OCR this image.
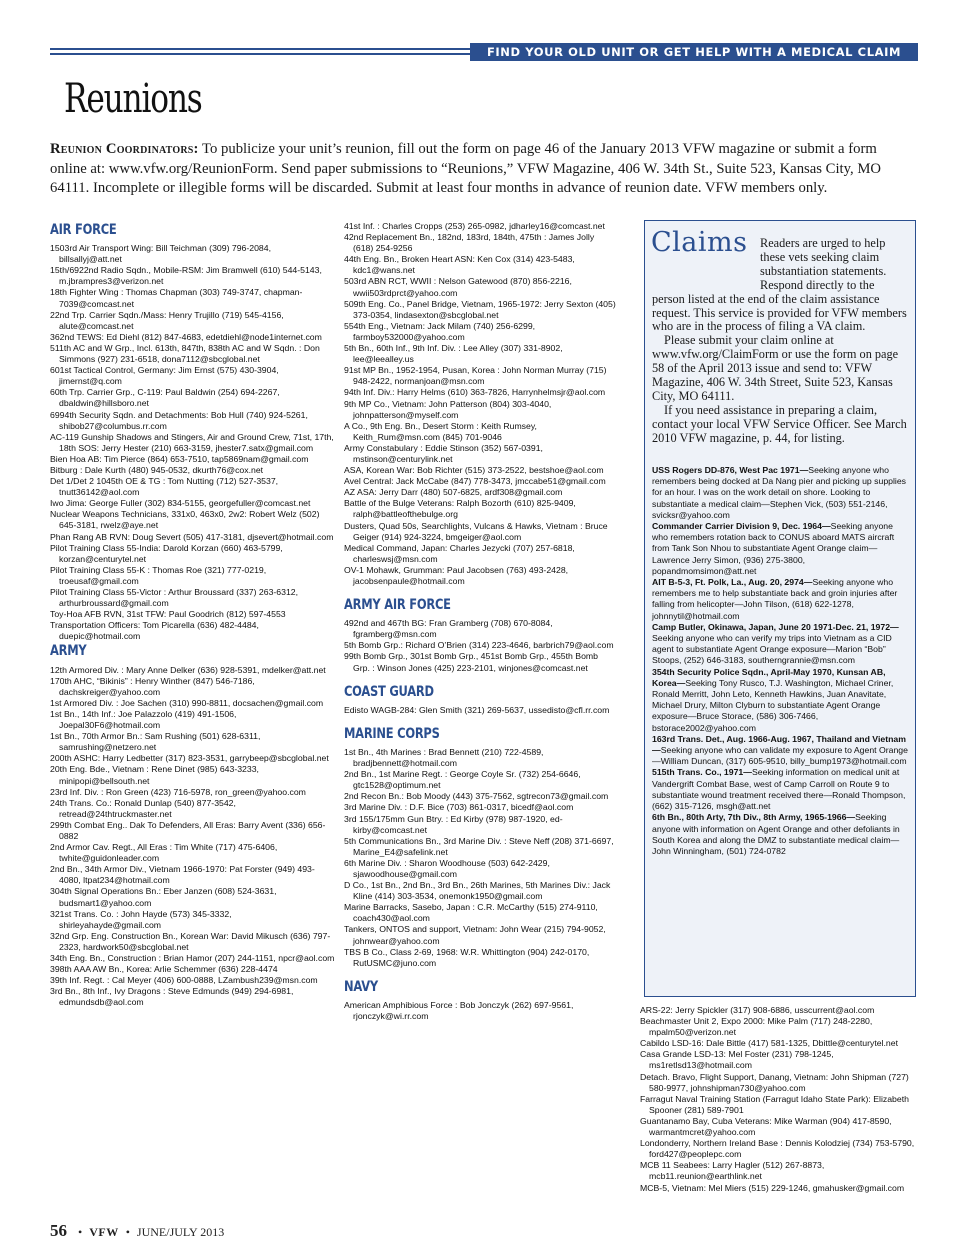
FIND YOUR OLD UNIT OR GET HELP WITH A MEDICAL CLAIM
Reunions

Reunion Coordinators: To publicize your unit’s reunion, fill out the form on page 46 of the January 2013 VFW magazine or submit a form online at: www.vfw.org/ReunionForm. Send paper submissions to “Reunions,” VFW Magazine, 406 W. 34th St., Suite 523, Kansas City, MO 64111. Incomplete or illegible forms will be discarded. Submit at least four months in advance of reunion date. VFW members only.

AIR FORCE

1503rd Air Transport Wing: Bill Teichman (309) 796-2084, billsallyj@att.net

15th/6922nd Radio Sqdn., Mobile-RSM: Jim Bramwell (610) 544-5143, m.jbrampres3@verizon.net

18th Fighter Wing : Thomas Chapman (303) 749-3747, chapman-7039@comcast.net

22nd Trp. Carrier Sqdn./Mass: Henry Trujillo (719) 545-4156, alute@comcast.net

362nd TEWS: Ed Diehl (812) 847-4683, edetdiehl@node1internet.com

511th AC and W Grp., Incl. 613th, 847th, 838th AC and W Sqdn. : Don Simmons (927) 231-6518, dona7112@sbcglobal.net

601st Tactical Control, Germany: Jim Ernst (575) 430-3904, jimernst@q.com

60th Trp. Carrier Grp., C-119: Paul Baldwin (254) 694-2267, dbaldwin@hillsboro.net

6994th Security Sqdn. and Detachments: Bob Hull (740) 924-5261, shibob27@columbus.rr.com

AC-119 Gunship Shadows and Stingers, Air and Ground Crew, 71st, 17th, 18th SOS: Jerry Hester (210) 663-3159, jhester7.satx@gmail.com

Bien Hoa AB: Tim Pierce (864) 653-7510, tap5869nam@gmail.com

Bitburg : Dale Kurth (480) 945-0532, dkurth76@cox.net

Det 1/Det 2 1045th OE & TG : Tom Nutting (712) 527-3537, tnutt36142@aol.com

Iwo Jima: George Fuller (302) 834-5155, georgefuller@comcast.net

Nuclear Weapons Technicians, 331x0, 463x0, 2w2: Robert Welz (502) 645-3181, rwelz@aye.net

Phan Rang AB RVN: Doug Severt (505) 417-3181, djsevert@hotmail.com

Pilot Training Class 55-India: Darold Korzan (660) 463-5799, korzan@centurytel.net

Pilot Training Class 55-K : Thomas Roe (321) 777-0219, troeusaf@gmail.com

Pilot Training Class 55-Victor : Arthur Broussard (337) 263-6312, arthurbroussard@gmail.com

Toy-Hoa AFB RVN, 31st TFW: Paul Goodrich (812) 597-4553

Transportation Officers: Tom Picarella (636) 482-4484, duepic@hotmail.com

ARMY

12th Armored Div. : Mary Anne Delker (636) 928-5391, mdelker@att.net

170th AHC, “Bikinis” : Henry Winther (847) 546-7186, dachskreiger@yahoo.com

1st Armored Div. : Joe Sachen (310) 990-8811, docsachen@gmail.com

1st Bn., 14th Inf.: Joe Palazzolo (419) 491-1506, Joepal30F6@hotmail.com

1st Bn., 70th Armor Bn.: Sam Rushing (501) 628-6311, samrushing@netzero.net

200th ASHC: Harry Ledbetter (317) 823-3531, garrybeep@sbcglobal.net

20th Eng. Bde., Vietnam : Rene Dinet (985) 643-3233, minipopi@bellsouth.net

23rd Inf. Div. : Ron Green (423) 716-5978, ron_green@yahoo.com

24th Trans. Co.: Ronald Dunlap (540) 877-3542, retread@24thtruckmaster.net

299th Combat Eng.. Dak To Defenders, All Eras: Barry Avent (336) 656-0882

2nd Armor Cav. Regt., All Eras : Tim White (717) 475-6406, twhite@guidonleader.com

2nd Bn., 34th Armor Div., Vietnam 1966-1970: Pat Forster (949) 493-4080, ltpat234@hotmail.com

304th Signal Operations Bn.: Eber Janzen (608) 524-3631, budsmart1@yahoo.com

321st Trans. Co. : John Hayde (573) 345-3332, shirleyahayde@gmail.com

32nd Grp. Eng. Construction Bn., Korean War: David Mikusch (636) 797-2323, hardwork50@sbcglobal.net

34th Eng. Bn., Construction : Brian Hamor (207) 244-1151, npcr@aol.com

398th AAA AW Bn., Korea: Arlie Schemmer (636) 228-4474

39th Inf. Regt. : Cal Meyer (406) 600-0888, LZambush239@msn.com

3rd Bn., 8th Inf., Ivy Dragons : Steve Edmunds (949) 294-6981, edmundsdb@aol.com

41st Inf. : Charles Cropps (253) 265-0982, jdharley16@comcast.net

42nd Replacement Bn., 182nd, 183rd, 184th, 475th : James Jolly (618) 254-9256

44th Eng. Bn., Broken Heart ASN: Ken Cox (314) 423-5483, kdc1@wans.net

503rd ABN RCT, WWII : Nelson Gatewood (870) 856-2216, wwii503rdprct@yahoo.com

509th Eng. Co., Panel Bridge, Vietnam, 1965-1972: Jerry Sexton (405) 373-0354, lindasexton@sbcglobal.net

554th Eng., Vietnam: Jack Milam (740) 256-6299, farmboy532000@yahoo.com

5th Bn., 60th Inf., 9th Inf. Div. : Lee Alley (307) 331-8902, lee@leealley.us

91st MP Bn., 1952-1954, Pusan, Korea : John Norman Murray (715) 948-2422, normanjoan@msn.com

94th Inf. Div.: Harry Helms (610) 363-7826, Harrynhelmsjr@aol.com

9th MP Co., Vietnam: John Patterson (804) 303-4040, johnpatterson@myself.com

A Co., 9th Eng. Bn., Desert Storm : Keith Rumsey, Keith_Rum@msn.com (845) 701-9046

Army Constabulary : Eddie Stinson (352) 567-0391, mstinson@centurylink.net

ASA, Korean War: Bob Richter (515) 373-2522, bestshoe@aol.com

Avel Central: Jack McCabe (847) 778-3473, jmccabe51@gmail.com

AZ ASA: Jerry Darr (480) 507-6825, ardf308@gmail.com

Battle of the Bulge Veterans: Ralph Bozorth (610) 825-9409, ralph@battleofthebulge.org

Dusters, Quad 50s, Searchlights, Vulcans & Hawks, Vietnam : Bruce Geiger (914) 924-3224, bmgeiger@aol.com

Medical Command, Japan: Charles Jezycki (707) 257-6818, charleswsj@msn.com

OV-1 Mohawk, Grumman: Paul Jacobsen (763) 493-2428, jacobsenpaule@hotmail.com

ARMY AIR FORCE

492nd and 467th BG: Fran Gramberg (708) 670-8084, fgramberg@msn.com

5th Bomb Grp.: Richard O’Brien (314) 223-4646, barbrich79@aol.com

99th Bomb Grp., 301st Bomb Grp., 451st Bomb Grp., 455th Bomb Grp. : Winson Jones (425) 223-2101, winjones@comcast.net

COAST GUARD

Edisto WAGB-284: Glen Smith (321) 269-5637, ussedisto@cfl.rr.com

MARINE CORPS

1st Bn., 4th Marines : Brad Bennett (210) 722-4589, bradjbennett@hotmail.com

2nd Bn., 1st Marine Regt. : George Coyle Sr. (732) 254-6646, gtc1528@optimum.net

2nd Recon Bn.: Bob Moody (443) 375-7562, sgtrecon73@gmail.com

3rd Marine Div. : D.F. Bice (703) 861-0317, bicedf@aol.com

3rd 155/175mm Gun Btry. : Ed Kirby (978) 987-1920, ed-kirby@comcast.net

5th Communications Bn., 3rd Marine Div. : Steve Neff (208) 371-6697, Marine_E4@safelink.net

6th Marine Div. : Sharon Woodhouse (503) 642-2429, sjawoodhouse@gmail.com

D Co., 1st Bn., 2nd Bn., 3rd Bn., 26th Marines, 5th Marines Div.: Jack Kline (414) 303-3534, onemonk1950@gmail.com

Marine Barracks, Sasebo, Japan : C.R. McCarthy (515) 274-9110, coach430@aol.com

Tankers, ONTOS and support, Vietnam: John Wear (215) 794-9052, johnwear@yahoo.com

TBS B Co., Class 2-69, 1968: W.R. Whittington (904) 242-0170, RutUSMC@juno.com

NAVY

American Amphibious Force : Bob Jonczyk (262) 697-9561, rjonczyk@wi.rr.com

Claims	Readers are urged to help these vets seeking claim substantiation statements. Respond directly to the person listed at the end of the claim assistance request. This service is provided for VFW members who are in the process of filing a VA claim.

Please submit your claim online at www.vfw.org/ClaimForm or use the form on page 58 of the April 2013 issue and send to: VFW Magazine, 406 W. 34th Street, Suite 523, Kansas City, MO 64111.

If you need assistance in preparing a claim, contact your local VFW Service Officer. See March 2010 VFW magazine, p. 44, for listing.

USS Rogers DD-876, West Pac 1971—Seeking anyone who remembers being docked at Da Nang pier and picking up supplies for an hour. I was on the work detail on shore. Looking to substantiate a medical claim—Stephen Vick, (503) 551-2146, svicksr@yahoo.com

Commander Carrier Division 9, Dec. 1964—Seeking anyone who remembers rotation back to CONUS aboard MATS aircraft from Tank Son Nhou to substantiate Agent Orange claim—Lawrence Jerry Simon, (936) 275-3800, popandmomsimon@att.net

AIT B-5-3, Ft. Polk, La., Aug. 20, 2974—Seeking anyone who remembers me to help substantiate back and groin injuries after falling from helicopter—John Tilson, (618) 622-1278, johnnytil@hotmail.com

Camp Butler, Okinawa, Japan, June 20 1971-Dec. 21, 1972—Seeking anyone who can verify my trips into Vietnam as a CID agent to substantiate Agent Orange exposure—Marion “Bob” Stoops, (252) 646-3183, southerngrannie@msn.com

354th Security Police Sqdn., April-May 1970, Kunsan AB, Korea—Seeking Tony Rusco, T.J. Washington, Michael Criner, Ronald Merritt, John Leto, Kenneth Hawkins, Juan Anavitate, Michael Drury, Milton Clyburn to substantiate Agent Orange exposure—Bruce Storace, (586) 306-7466, bstorace2002@yahoo.com

163rd Trans. Det., Aug. 1966-Aug. 1967, Thailand and Vietnam—Seeking anyone who can validate my exposure to Agent Orange—William Duncan, (317) 605-9510, billy_bump1973@hotmail.com

515th Trans. Co., 1971—Seeking information on medical unit at Vandergrift Combat Base, west of Camp Carroll on Route 9 to substantiate wound treatment received there—Ronald Thompson, (662) 315-7126, msgh@att.net

6th Bn., 80th Arty, 7th Div., 8th Army, 1965-1966—Seeking anyone with information on Agent Orange and other defoliants in South Korea and along the DMZ to substantiate medical claim—John Winningham, (501) 724-0782

ARS-22: Jerry Spickler (317) 908-6886, usscurrent@aol.com

Beachmaster Unit 2, Expo 2000: Mike Palm (717) 248-2280, mpalm50@verizon.net

Cabildo LSD-16: Dale Bittle (417) 581-1325, Dbittle@centurytel.net

Casa Grande LSD-13: Mel Foster (231) 798-1245, ms1retlsd13@hotmail.com

Detach. Bravo, Flight Support, Danang, Vietnam: John Shipman (727) 580-9977, johnshipman730@yahoo.com

Farragut Naval Training Station (Farragut Idaho State Park): Elizabeth Spooner (281) 589-7901

Guantanamo Bay, Cuba Veterans: Mike Warman (904) 417-8590, warmantmcret@yahoo.com

Londonderry, Northern Ireland Base : Dennis Kolodziej (734) 753-5790, ford427@peoplepc.com

MCB 11 Seabees: Larry Hagler (512) 267-8873, mcb11.reunion@earthlink.net

MCB-5, Vietnam: Mel Miers (515) 229-1246, gmahusker@gmail.com

56 • VFW • JUNE/JULY 2013
